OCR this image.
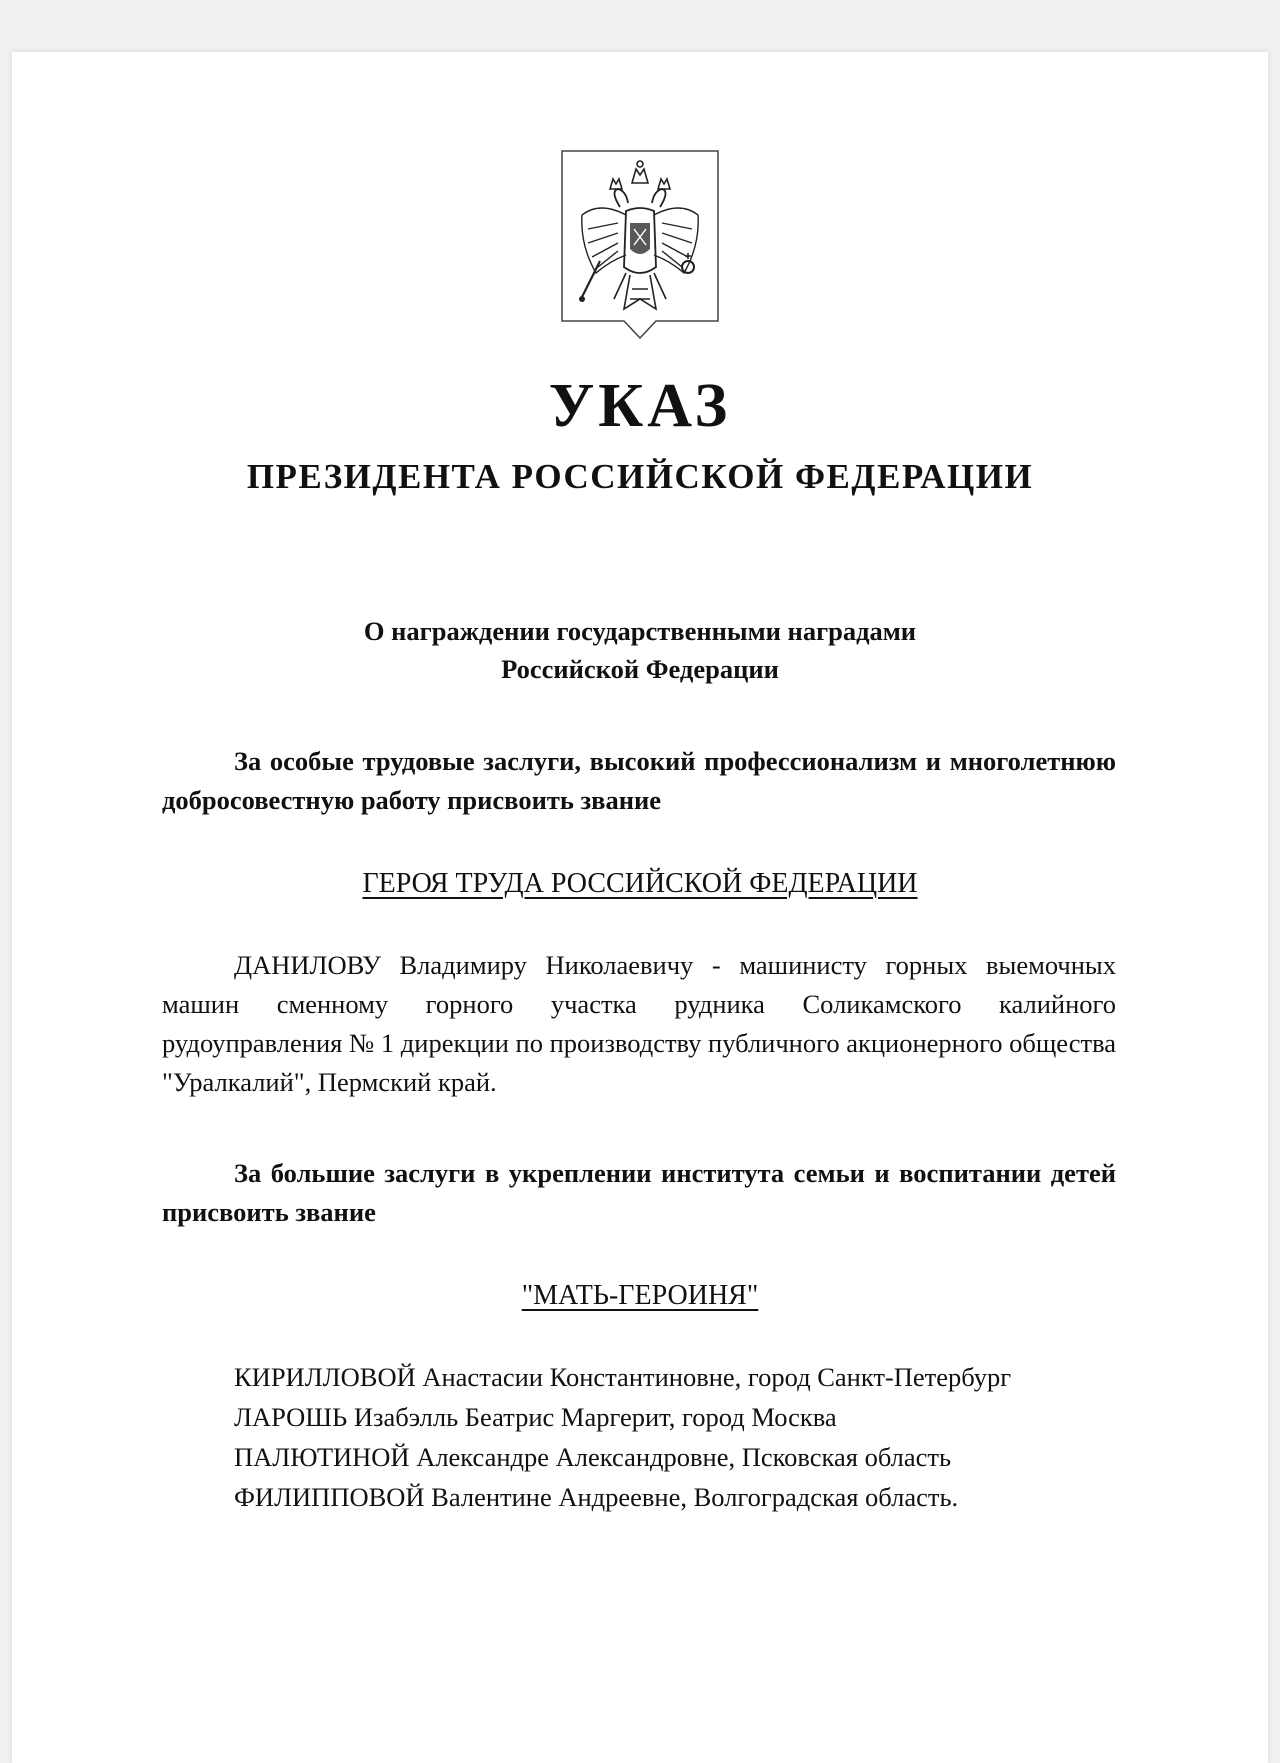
УКАЗ
ПРЕЗИДЕНТА РОССИЙСКОЙ ФЕДЕРАЦИИ
О награждении государственными наградами
Российской Федерации

За особые трудовые заслуги, высокий профессионализм и многолетнюю добросовестную работу присвоить звание

ГЕРОЯ ТРУДА РОССИЙСКОЙ ФЕДЕРАЦИИ

ДАНИЛОВУ Владимиру Николаевичу - машинисту горных выемочных машин сменному горного участка рудника Соликамского калийного рудоуправления № 1 дирекции по производству публичного акционерного общества "Уралкалий", Пермский край.

За большие заслуги в укреплении института семьи и воспитании детей присвоить звание

"МАТЬ-ГЕРОИНЯ"
КИРИЛЛОВОЙ Анастасии Константиновне, город Санкт-Петербург
ЛАРОШЬ Изабэлль Беатрис Маргерит, город Москва
ПАЛЮТИНОЙ Александре Александровне, Псковская область
ФИЛИППОВОЙ Валентине Андреевне, Волгоградская область.
